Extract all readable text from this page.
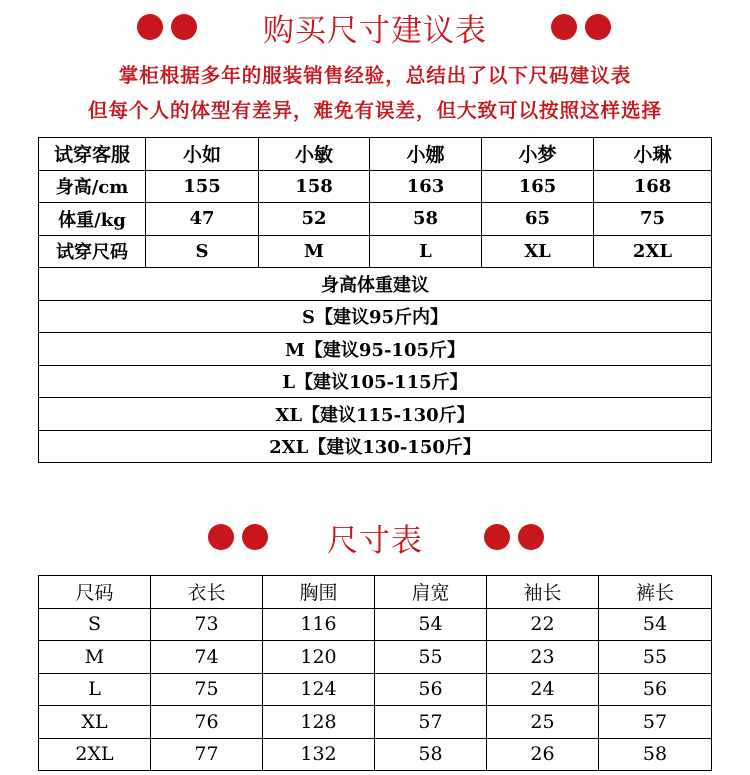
购买尺寸建议表
掌柜根据多年的服装销售经验，总结出了以下尺码建议表
但每个人的体型有差异，难免有误差，但大致可以按照这样选择
试穿客服	小如	小敏	小娜	小梦	小琳
身高/cm	155	158	163	165	168
体重/kg	47	52	58	65	75
试穿尺码	S	M	L	XL	2XL
身高体重建议					
S【建议95斤内】					
M【建议95-105斤】					
L【建议105-115斤】					
XL【建议115-130斤】					
2XL【建议130-150斤】					
尺寸表
尺码	衣长	胸围	肩宽	袖长	裤长
S	73	116	54	22	54
M	74	120	55	23	55
L	75	124	56	24	56
XL	76	128	57	25	57
2XL	77	132	58	26	58
